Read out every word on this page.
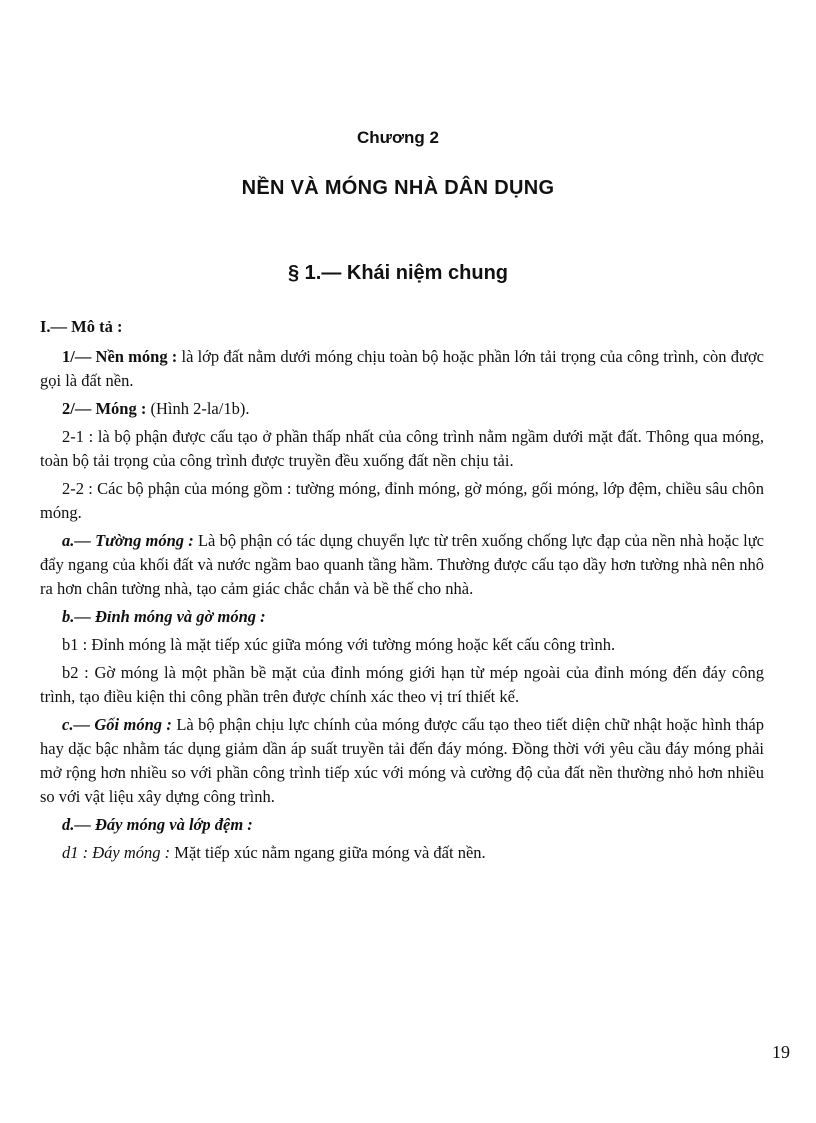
Chương 2
NỀN VÀ MÓNG NHÀ DÂN DỤNG
§ 1.— Khái niệm chung

I.— Mô tả :

1/— Nền móng : là lớp đất nằm dưới móng chịu toàn bộ hoặc phần lớn tải trọng của công trình, còn được gọi là đất nền.

2/— Móng : (Hình 2-la/1b).

2-1 : là bộ phận được cấu tạo ở phần thấp nhất của công trình nằm ngầm dưới mặt đất. Thông qua móng, toàn bộ tải trọng của công trình được truyền đều xuống đất nền chịu tải.

2-2 : Các bộ phận của móng gồm : tường móng, đỉnh móng, gờ móng, gối móng, lớp đệm, chiều sâu chôn móng.

a.— Tường móng : Là bộ phận có tác dụng chuyển lực từ trên xuống chống lực đạp của nền nhà hoặc lực đẩy ngang của khối đất và nước ngầm bao quanh tầng hầm. Thường được cấu tạo dầy hơn tường nhà nên nhô ra hơn chân tường nhà, tạo cảm giác chắc chắn và bề thế cho nhà.

b.— Đỉnh móng và gờ móng :

b1 : Đỉnh móng là mặt tiếp xúc giữa móng với tường móng hoặc kết cấu công trình.

b2 : Gờ móng là một phần bề mặt của đỉnh móng giới hạn từ mép ngoài của đỉnh móng đến đáy công trình, tạo điều kiện thi công phần trên được chính xác theo vị trí thiết kế.

c.— Gối móng : Là bộ phận chịu lực chính của móng được cấu tạo theo tiết diện chữ nhật hoặc hình tháp hay dặc bậc nhằm tác dụng giảm dần áp suất truyền tải đến đáy móng. Đồng thời với yêu cầu đáy móng phải mở rộng hơn nhiều so với phần công trình tiếp xúc với móng và cường độ của đất nền thường nhỏ hơn nhiều so với vật liệu xây dựng công trình.

d.— Đáy móng và lớp đệm :

d1 : Đáy móng : Mặt tiếp xúc nằm ngang giữa móng và đất nền.

19
